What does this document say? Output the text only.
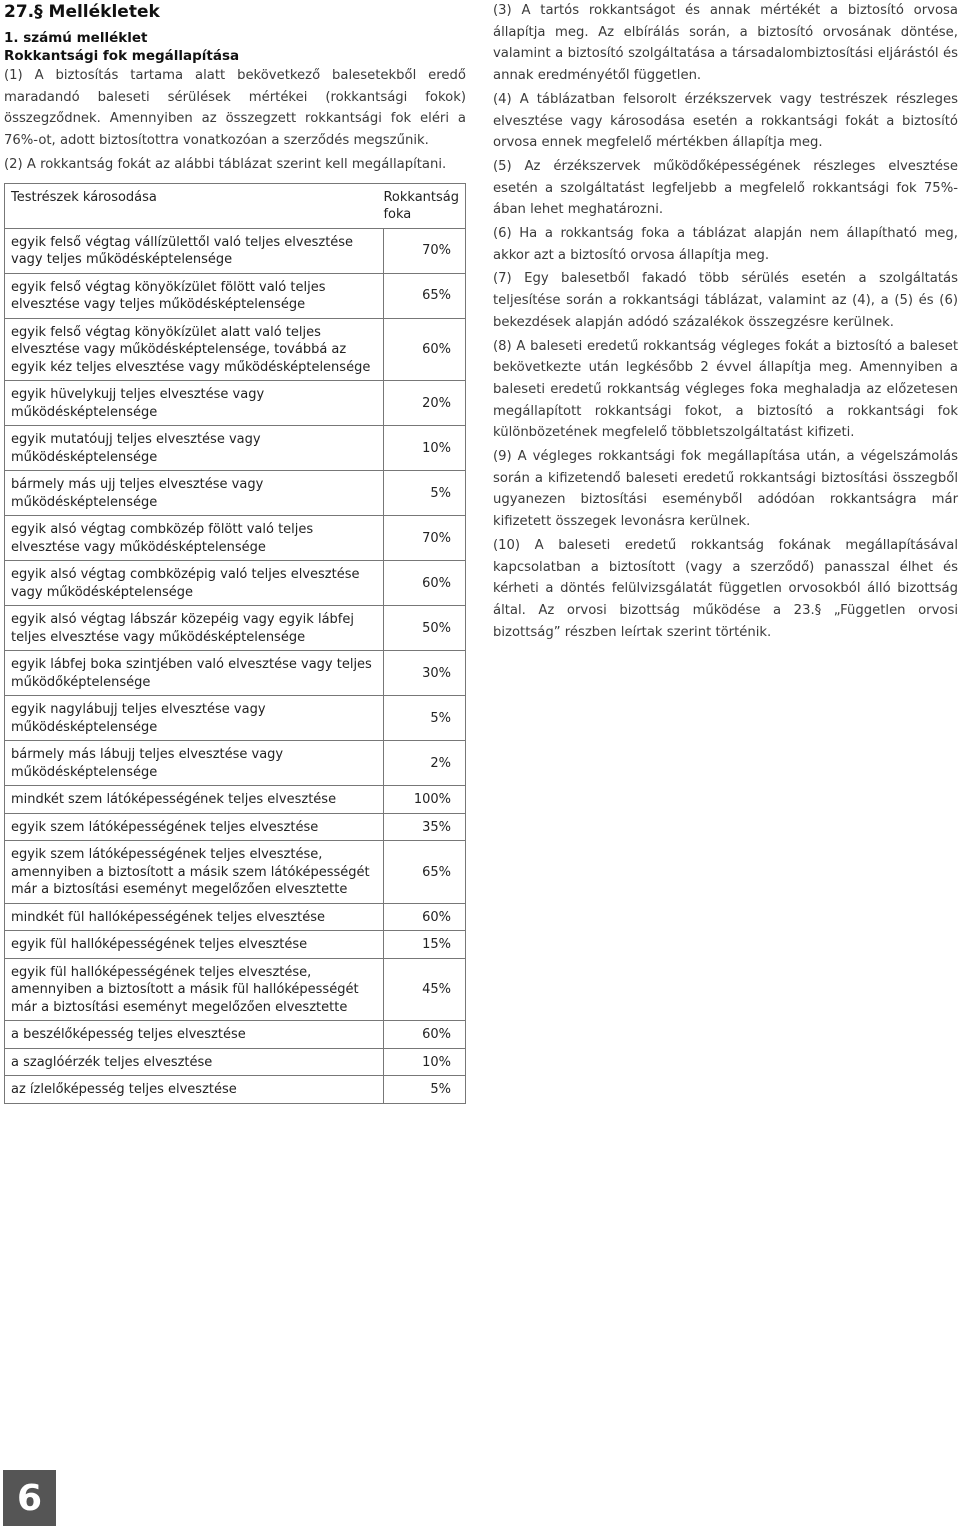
27.§ Mellékletek
1. számú melléklet
Rokkantsági fok megállapítása
(1) A biztosítás tartama alatt bekövetkező balesetekből eredő maradandó baleseti sérülések mértékei (rokkantsági fokok) összegződnek. Amennyiben az összegzett rokkantsági fok eléri a 76%-ot, adott biztosítottra vonatkozóan a szerződés megszűnik.
(2) A rokkantság fokát az alábbi táblázat szerint kell megállapítani.
Testrészek károsodása	Rokkantság foka
egyik felső végtag vállízülettől való teljes elvesztése vagy teljes működésképtelensége	70%
egyik felső végtag könyökízület fölött való teljes elvesztése vagy teljes működésképtelensége	65%
egyik felső végtag könyökízület alatt való teljes elvesztése vagy működésképtelensége, továbbá az egyik kéz teljes elvesztése vagy működésképtelensége	60%
egyik hüvelykujj teljes elvesztése vagy működésképtelensége	20%
egyik mutatóujj teljes elvesztése vagy működésképtelensége	10%
bármely más ujj teljes elvesztése vagy működésképtelensége	5%
egyik alsó végtag combközép fölött való teljes elvesztése vagy működésképtelensége	70%
egyik alsó végtag combközépig való teljes elvesztése vagy működésképtelensége	60%
egyik alsó végtag lábszár közepéig vagy egyik lábfej teljes elvesztése vagy működésképtelensége	50%
egyik lábfej boka szintjében való elvesztése vagy teljes működőképtelensége	30%
egyik nagylábujj teljes elvesztése vagy működésképtelensége	5%
bármely más lábujj teljes elvesztése vagy működésképtelensége	2%
mindkét szem látóképességének teljes elvesztése	100%
egyik szem látóképességének teljes elvesztése	35%
egyik szem látóképességének teljes elvesztése, amennyiben a biztosított a másik szem látóképességét már a biztosítási eseményt megelőzően elvesztette	65%
mindkét fül hallóképességének teljes elvesztése	60%
egyik fül hallóképességének teljes elvesztése	15%
egyik fül hallóképességének teljes elvesztése, amennyiben a biztosított a másik fül hallóképességét már a biztosítási eseményt megelőzően elvesztette	45%
a beszélőképesség teljes elvesztése	60%
a szaglóérzék teljes elvesztése	10%
az ízlelőképesség teljes elvesztése	5%
(3) A tartós rokkantságot és annak mértékét a biztosító orvosa állapítja meg. Az elbírálás során, a biztosító orvosának döntése, valamint a biztosító szolgáltatása a társadalombiztosítási eljárástól és annak eredményétől független.
(4) A táblázatban felsorolt érzékszervek vagy testrészek részleges elvesztése vagy károsodása esetén a rokkantsági fokát a biztosító orvosa ennek megfelelő mértékben állapítja meg.
(5) Az érzékszervek működőképességének részleges elvesztése esetén a szolgáltatást legfeljebb a megfelelő rokkantsági fok 75%-ában lehet meghatározni.
(6) Ha a rokkantság foka a táblázat alapján nem állapítható meg, akkor azt a biztosító orvosa állapítja meg.
(7) Egy balesetből fakadó több sérülés esetén a szolgáltatás teljesítése során a rokkantsági táblázat, valamint az (4), a (5) és (6) bekezdések alapján adódó százalékok összegzésre kerülnek.
(8) A baleseti eredetű rokkantság végleges fokát a biztosító a baleset bekövetkezte után legkésőbb 2 évvel állapítja meg. Amennyiben a baleseti eredetű rokkantság végleges foka meghaladja az előzetesen megállapított rokkantsági fokot, a biztosító a rokkantsági fok különbözetének megfelelő többletszolgáltatást kifizeti.
(9) A végleges rokkantsági fok megállapítása után, a végelszámolás során a kifizetendő baleseti eredetű rokkantsági biztosítási összegből ugyanezen biztosítási eseményből adódóan rokkantságra már kifizetett összegek levonásra kerülnek.
(10) A baleseti eredetű rokkantság fokának megállapításával kapcsolatban a biztosított (vagy a szerződő) panasszal élhet és kérheti a döntés felülvizsgálatát független orvosokból álló bizottság által. Az orvosi bizottság működése a 23.§ „Független orvosi bizottság” részben leírtak szerint történik.
6
